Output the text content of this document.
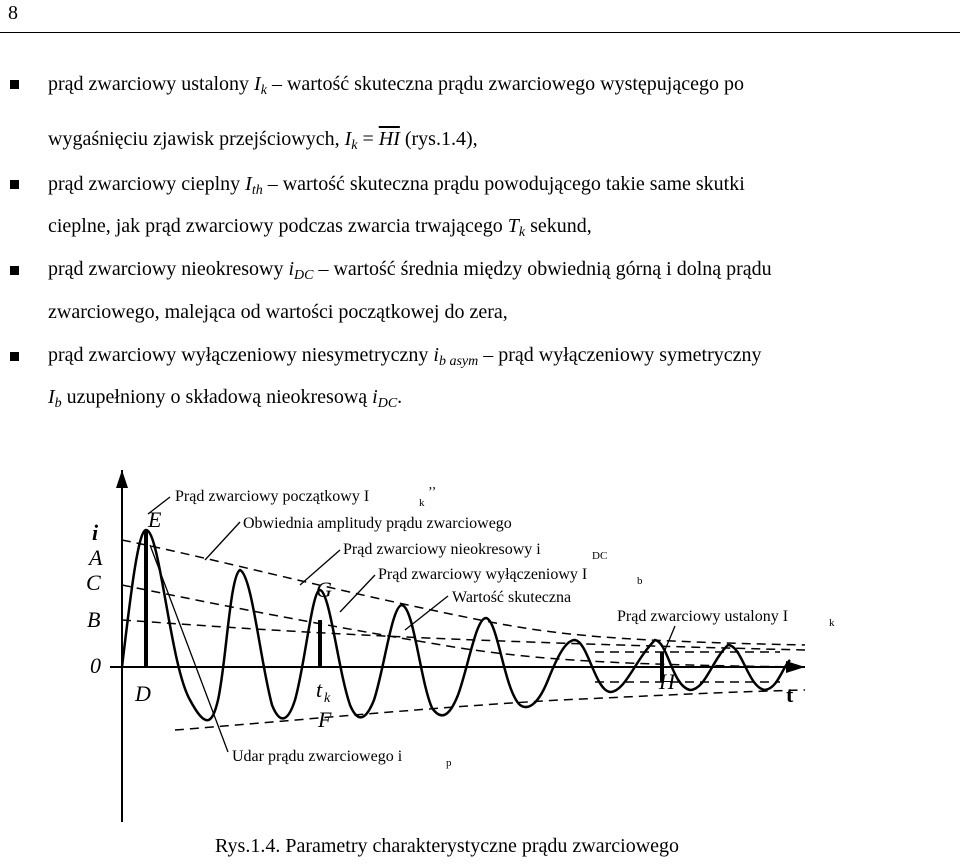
8
prąd zwarciowy ustalony $I_k$ – wartość skuteczna prądu zwarciowego występującego po
wygaśnięciu zjawisk przejściowych, $I_k = \overline{HI}$ (rys.1.4),
prąd zwarciowy cieplny $I_{th}$ – wartość skuteczna prądu powodującego takie same skutki
cieplne, jak prąd zwarciowy podczas zwarcia trwającego $T_k$ sekund,
prąd zwarciowy nieokresowy $i_{DC}$ – wartość średnia między obwiednią górną i dolną prądu
zwarciowego, malejąca od wartości początkowej do zera,
prąd zwarciowy wyłączeniowy niesymetryczny $i_{b asym}$ – prąd wyłączeniowy symetryczny
$I_b$ uzupełniony o składową nieokresową $i_{DC}$.
i
A
C
B
0
D
E
G
t k
F
H
t
Prąd zwarciowy początkowy I	k
’’
Obwiednia amplitudy prądu zwarciowego
Prąd zwarciowy nieokresowy i	DC
Prąd zwarciowy wyłączeniowy I	b
Wartość skuteczna
Prąd zwarciowy ustalony I	k
Udar prądu zwarciowego i	p
Rys.1.4. Parametry charakterystyczne prądu zwarciowego
